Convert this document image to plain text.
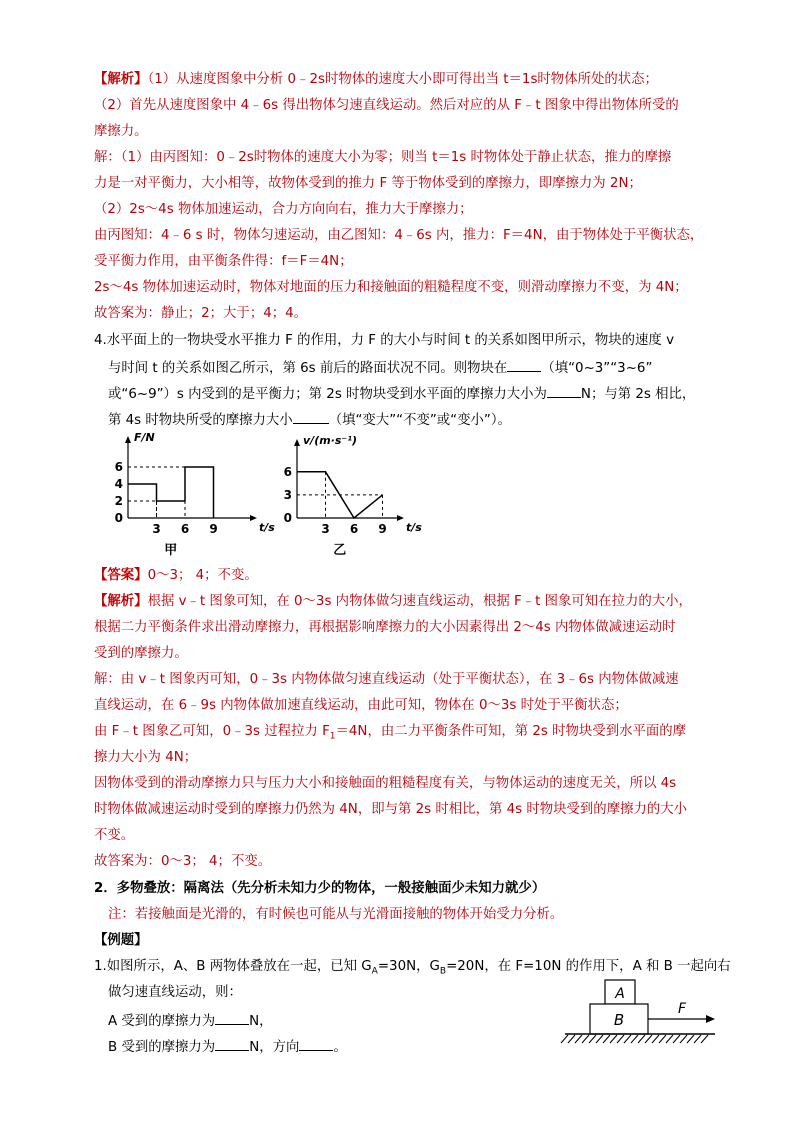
【解析】（1）从速度图象中分析 0﹣2s时物体的速度大小即可得出当 t＝1s时物体所处的状态；
（2）首先从速度图象中 4﹣6s 得出物体匀速直线运动。然后对应的从 F﹣t 图象中得出物体所受的
摩擦力。
解：（1）由丙图知：0﹣2s时物体的速度大小为零；则当 t＝1s 时物体处于静止状态，推力的摩擦
力是一对平衡力，大小相等，故物体受到的推力 F 等于物体受到的摩擦力，即摩擦力为 2N；
（2）2s～4s 物体加速运动，合力方向向右，推力大于摩擦力；
由丙图知：4﹣6 s 时，物体匀速运动，由乙图知：4﹣6s 内，推力：F＝4N，由于物体处于平衡状态，
受平衡力作用，由平衡条件得：f＝F＝4N；
2s～4s 物体加速运动时，物体对地面的压力和接触面的粗糙程度不变，则滑动摩擦力不变，为 4N；
故答案为：静止；2；大于；4；4。
4.水平面上的一物块受水平推力 F 的作用，力 F 的大小与时间 t 的关系如图甲所示，物块的速度 v
与时间 t 的关系如图乙所示，第 6s 前后的路面状况不同。则物块在	（填“0~3”“3~6”
或“6~9”）s 内受到的是平衡力；第 2s 时物块受到水平面的摩擦力大小为	N；与第 2s 相比，
第 4s 时物块所受的摩擦力大小	（填“变大”“不变”或“变小”）。
F/N
t/s
3 6 9
6
4
2
0
甲
v/(m·s⁻¹)
t/s
3 6 9
6
3
0
乙
【答案】0～3； 4；不变。
【解析】根据 v﹣t 图象可知，在 0～3s 内物体做匀速直线运动，根据 F﹣t 图象可知在拉力的大小，
根据二力平衡条件求出滑动摩擦力，再根据影响摩擦力的大小因素得出 2～4s 内物体做减速运动时
受到的摩擦力。
解：由 v﹣t 图象丙可知，0﹣3s 内物体做匀速直线运动（处于平衡状态），在 3﹣6s 内物体做减速
直线运动，在 6﹣9s 内物体做加速直线运动，由此可知，物体在 0～3s 时处于平衡状态；
由 F﹣t 图象乙可知，0﹣3s 过程拉力 $F_1=4N$，由二力平衡条件可知，第 2s 时物块受到水平面的摩
擦力大小为 4N；
因物体受到的滑动摩擦力只与压力大小和接触面的粗糙程度有关，与物体运动的速度无关，所以 4s
时物体做减速运动时受到的摩擦力仍然为 4N，即与第 2s 时相比，第 4s 时物块受到的摩擦力的大小
不变。
故答案为：0～3； 4；不变。
2．多物叠放：隔离法（先分析未知力少的物体，一般接触面少未知力就少）
注：若接触面是光滑的，有时候也可能从与光滑面接触的物体开始受力分析。
【例题】
1.如图所示，A、B 两物体叠放在一起，已知 $G_A=30N$，$G_B=20N$，在 F=10N 的作用下，A 和 B 一起向右
做匀速直线运动，则：
A 受到的摩擦力为	N，
B 受到的摩擦力为	N，方向	。
A
B
F
